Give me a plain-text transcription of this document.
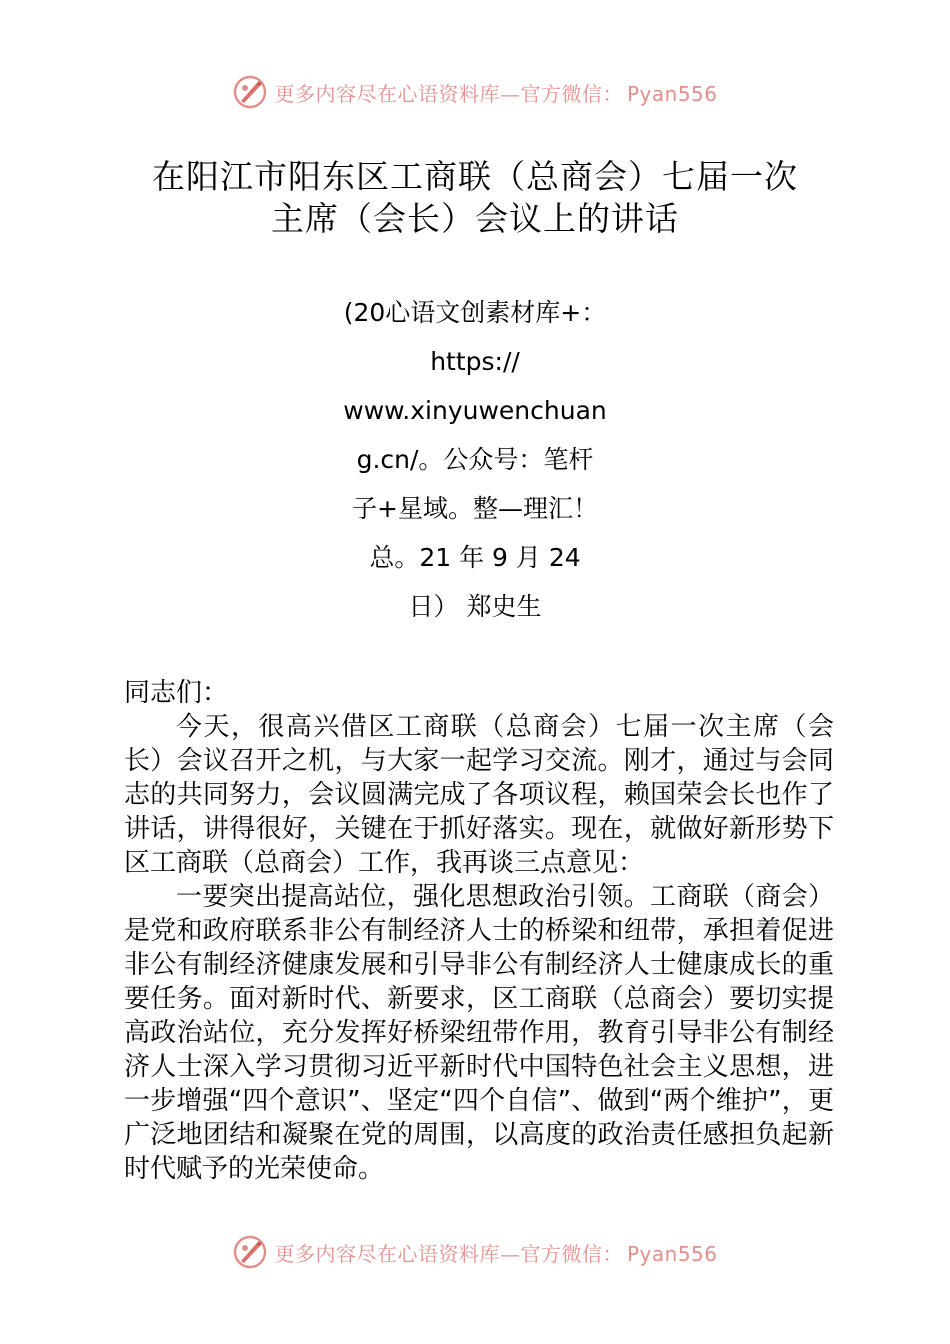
更多内容尽在心语资料库—官方微信： Pyan556
在阳江市阳东区工商联（总商会）七届一次
主席（会长）会议上的讲话
(20心语文创素材库+：
https://
www.xinyuwenchuan
g.cn/。公众号：笔杆
子+星域。整—理汇！
总。21 年 9 月 24
日） 郑史生

同志们：

今天，很高兴借区工商联（总商会）七届一次主席（会长）会议召开之机，与大家一起学习交流。刚才，通过与会同志的共同努力，会议圆满完成了各项议程，赖国荣会长也作了讲话，讲得很好，关键在于抓好落实。现在，就做好新形势下区工商联（总商会）工作，我再谈三点意见：

一要突出提高站位，强化思想政治引领。工商联（商会）是党和政府联系非公有制经济人士的桥梁和纽带，承担着促进非公有制经济健康发展和引导非公有制经济人士健康成长的重要任务。面对新时代、新要求，区工商联（总商会）要切实提高政治站位，充分发挥好桥梁纽带作用，教育引导非公有制经济人士深入学习贯彻习近平新时代中国特色社会主义思想，进一步增强“四个意识”、坚定“四个自信”、做到“两个维护”，更广泛地团结和凝聚在党的周围，以高度的政治责任感担负起新时代赋予的光荣使命。

更多内容尽在心语资料库—官方微信： Pyan556
